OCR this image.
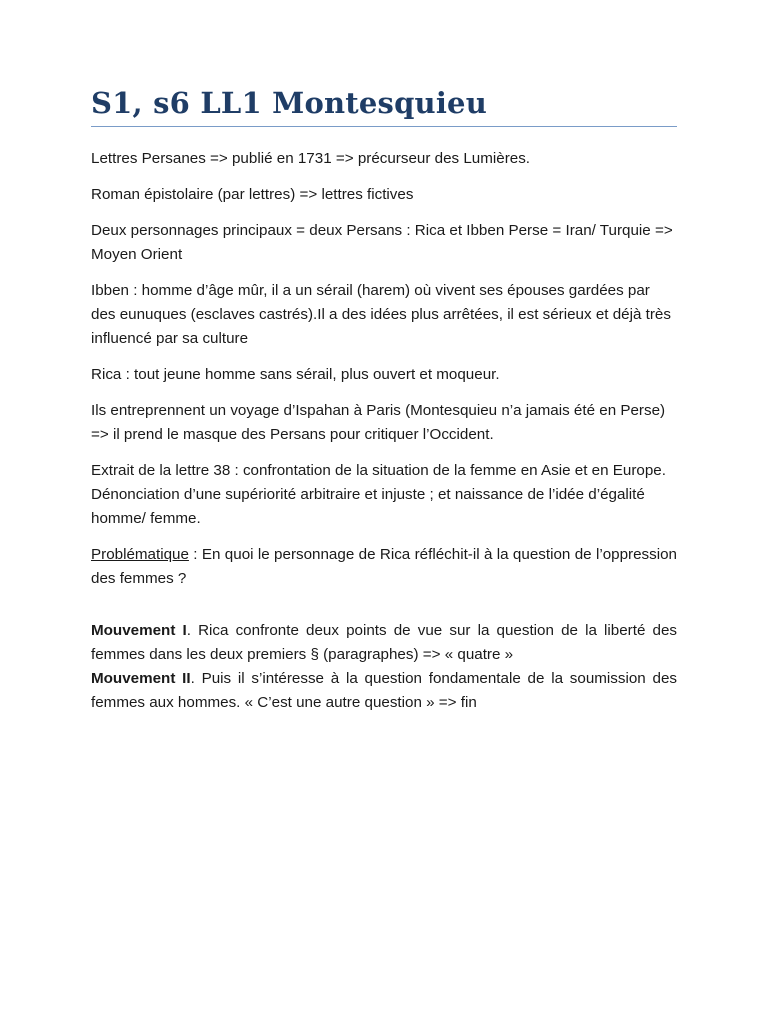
S1, s6 LL1 Montesquieu

Lettres Persanes => publié en 1731 => précurseur des Lumières.

Roman épistolaire (par lettres) => lettres fictives

Deux personnages principaux = deux Persans : Rica et Ibben Perse = Iran/ Turquie => Moyen Orient

Ibben : homme d’âge mûr, il a un sérail (harem) où vivent ses épouses gardées par des eunuques (esclaves castrés).Il a des idées plus arrêtées, il est sérieux et déjà très influencé par sa culture

Rica : tout jeune homme sans sérail, plus ouvert et moqueur.

Ils entreprennent un voyage d’Ispahan à Paris (Montesquieu n’a jamais été en Perse) => il prend le masque des Persans pour critiquer l’Occident.

Extrait de la lettre 38 : confrontation de la situation de la femme en Asie et en Europe. Dénonciation d’une supériorité arbitraire et injuste ; et naissance de l’idée d’égalité homme/ femme.

Problématique : En quoi le personnage de Rica réfléchit-il à la question de l’oppression des femmes ?

Mouvement I. Rica confronte deux points de vue sur la question de la liberté des femmes dans les deux premiers § (paragraphes) => « quatre »

Mouvement II. Puis il s’intéresse à la question fondamentale de la soumission des femmes aux hommes. « C’est une autre question » => fin
